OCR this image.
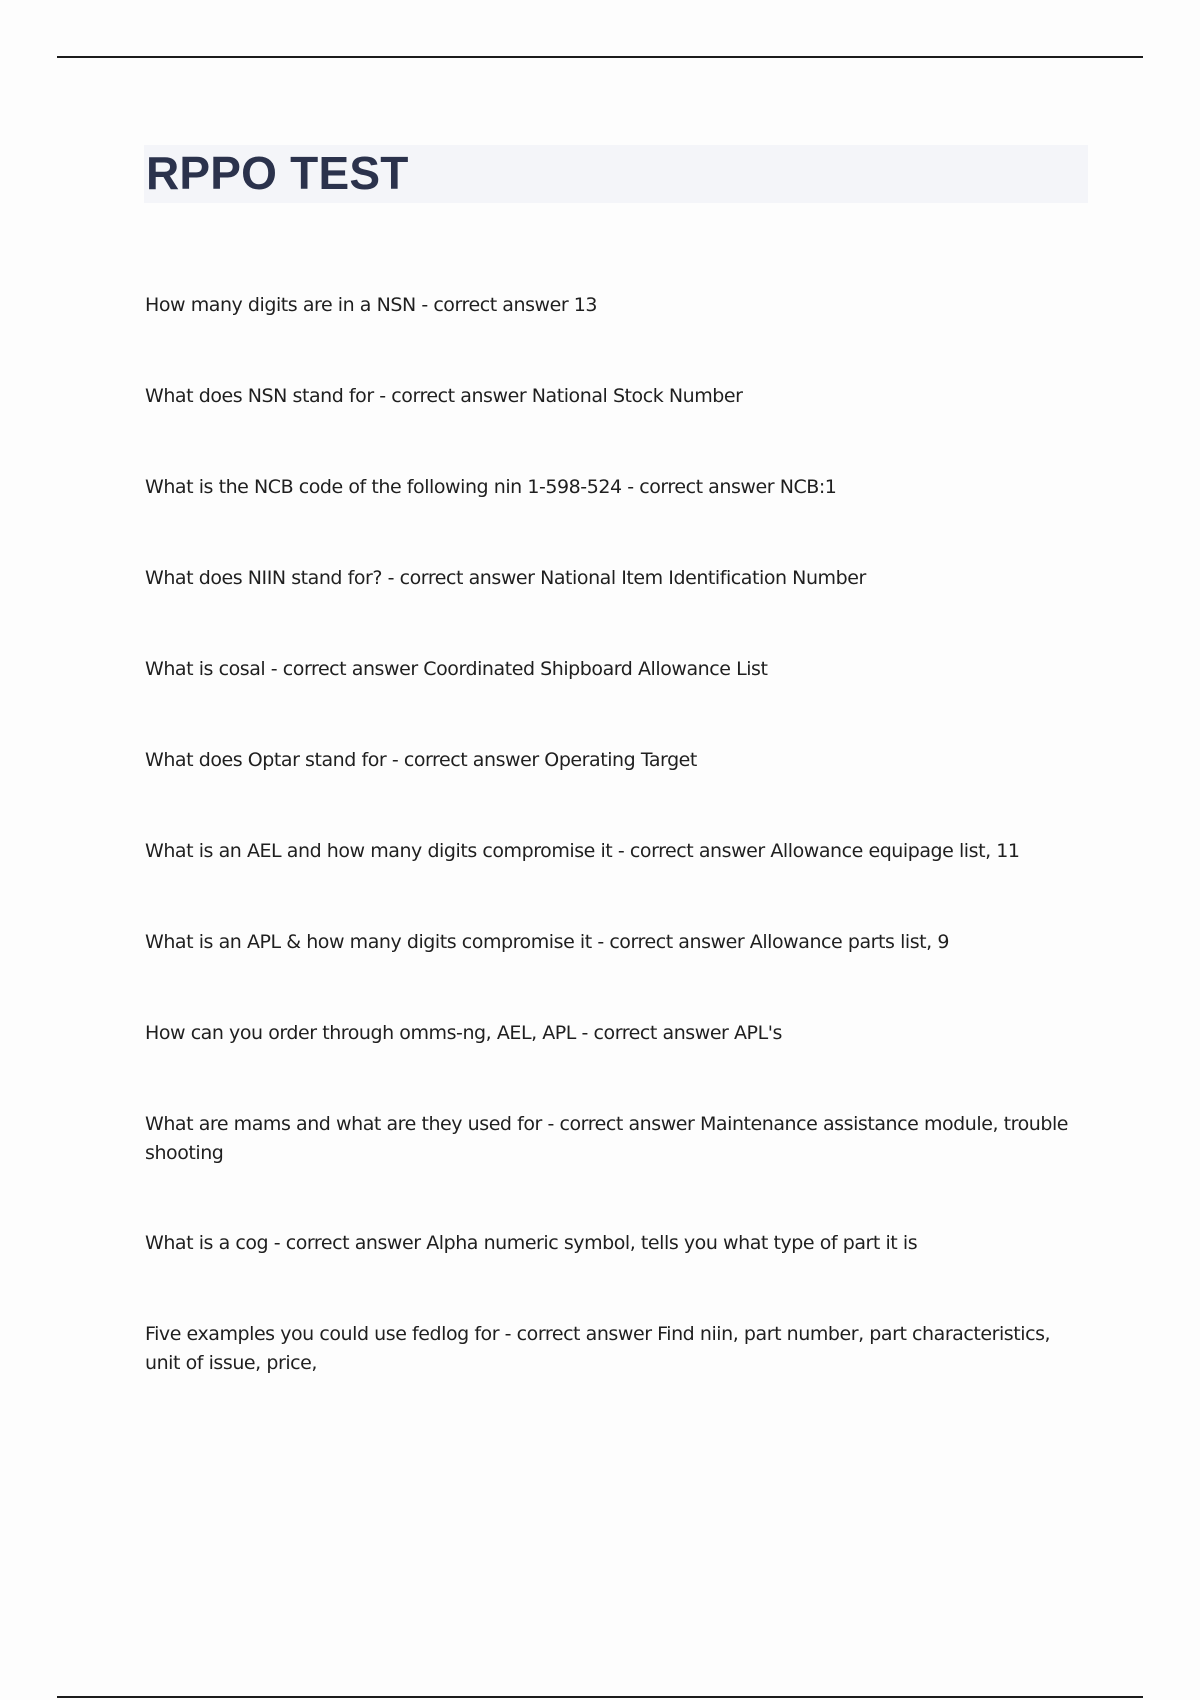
RPPO TEST
How many digits are in a NSN - correct answer 13
What does NSN stand for - correct answer National Stock Number
What is the NCB code of the following nin 1-598-524 - correct answer NCB:1
What does NIIN stand for? - correct answer National Item Identification Number
What is cosal - correct answer Coordinated Shipboard Allowance List
What does Optar stand for - correct answer Operating Target
What is an AEL and how many digits compromise it - correct answer Allowance equipage list, 11
What is an APL & how many digits compromise it - correct answer Allowance parts list, 9
How can you order through omms-ng, AEL, APL - correct answer APL's
What are mams and what are they used for - correct answer Maintenance assistance module, trouble shooting
What is a cog - correct answer Alpha numeric symbol, tells you what type of part it is
Five examples you could use fedlog for - correct answer Find niin, part number, part characteristics, unit of issue, price,
